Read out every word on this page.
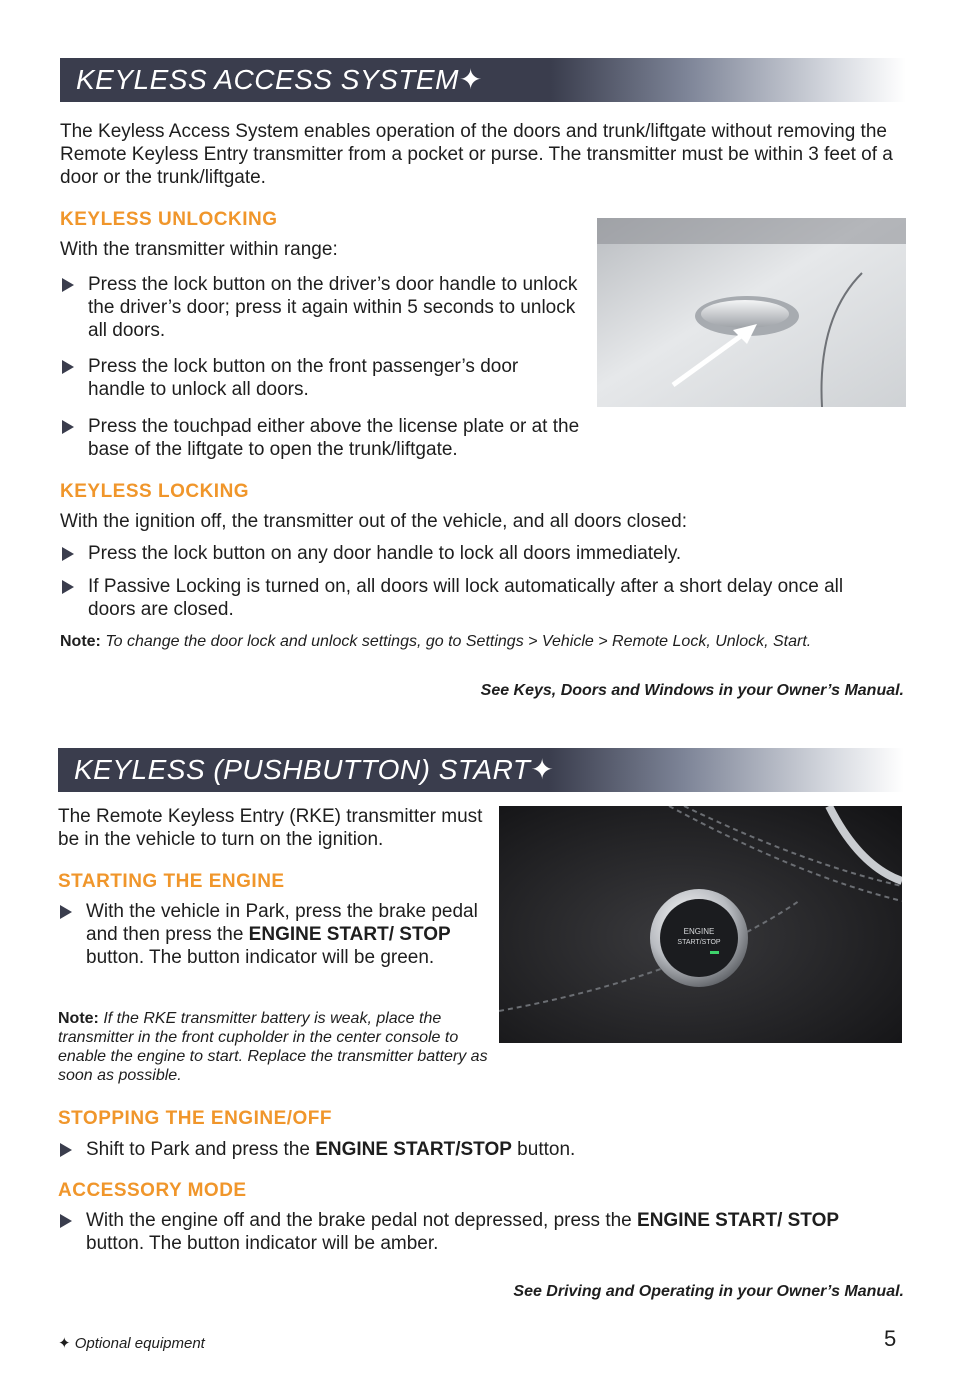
KEYLESS ACCESS SYSTEM✦
The Keyless Access System enables operation of the doors and trunk/liftgate without removing the Remote Keyless Entry transmitter from a pocket or purse. The transmitter must be within 3 feet of a door or the trunk/liftgate.
KEYLESS UNLOCKING
With the transmitter within range:
Press the lock button on the driver’s door handle to unlock the driver’s door; press it again within 5 seconds to unlock all doors.
Press the lock button on the front passenger’s door handle to unlock all doors.
Press the touchpad either above the license plate or at the base of the liftgate to open the trunk/liftgate.
KEYLESS LOCKING
With the ignition off, the transmitter out of the vehicle, and all doors closed:
Press the lock button on any door handle to lock all doors immediately.
If Passive Locking is turned on, all doors will lock automatically after a short delay once all doors are closed.
Note: To change the door lock and unlock settings, go to Settings > Vehicle > Remote Lock, Unlock, Start.
See Keys, Doors and Windows in your Owner’s Manual.
KEYLESS (PUSHBUTTON) START✦
The Remote Keyless Entry (RKE) transmitter must be in the vehicle to turn on the ignition.
STARTING THE ENGINE
With the vehicle in Park, press the brake pedal and then press the ENGINE START/ STOP button. The button indicator will be green.
Note: If the RKE transmitter battery is weak, place the transmitter in the front cupholder in the center console to enable the engine to start. Replace the transmitter battery as soon as possible.
ENGINE
START/STOP
STOPPING THE ENGINE/OFF
Shift to Park and press the ENGINE START/STOP button.
ACCESSORY MODE
With the engine off and the brake pedal not depressed, press the ENGINE START/ STOP button. The button indicator will be amber.
See Driving and Operating in your Owner’s Manual.
✦ Optional equipment	5
